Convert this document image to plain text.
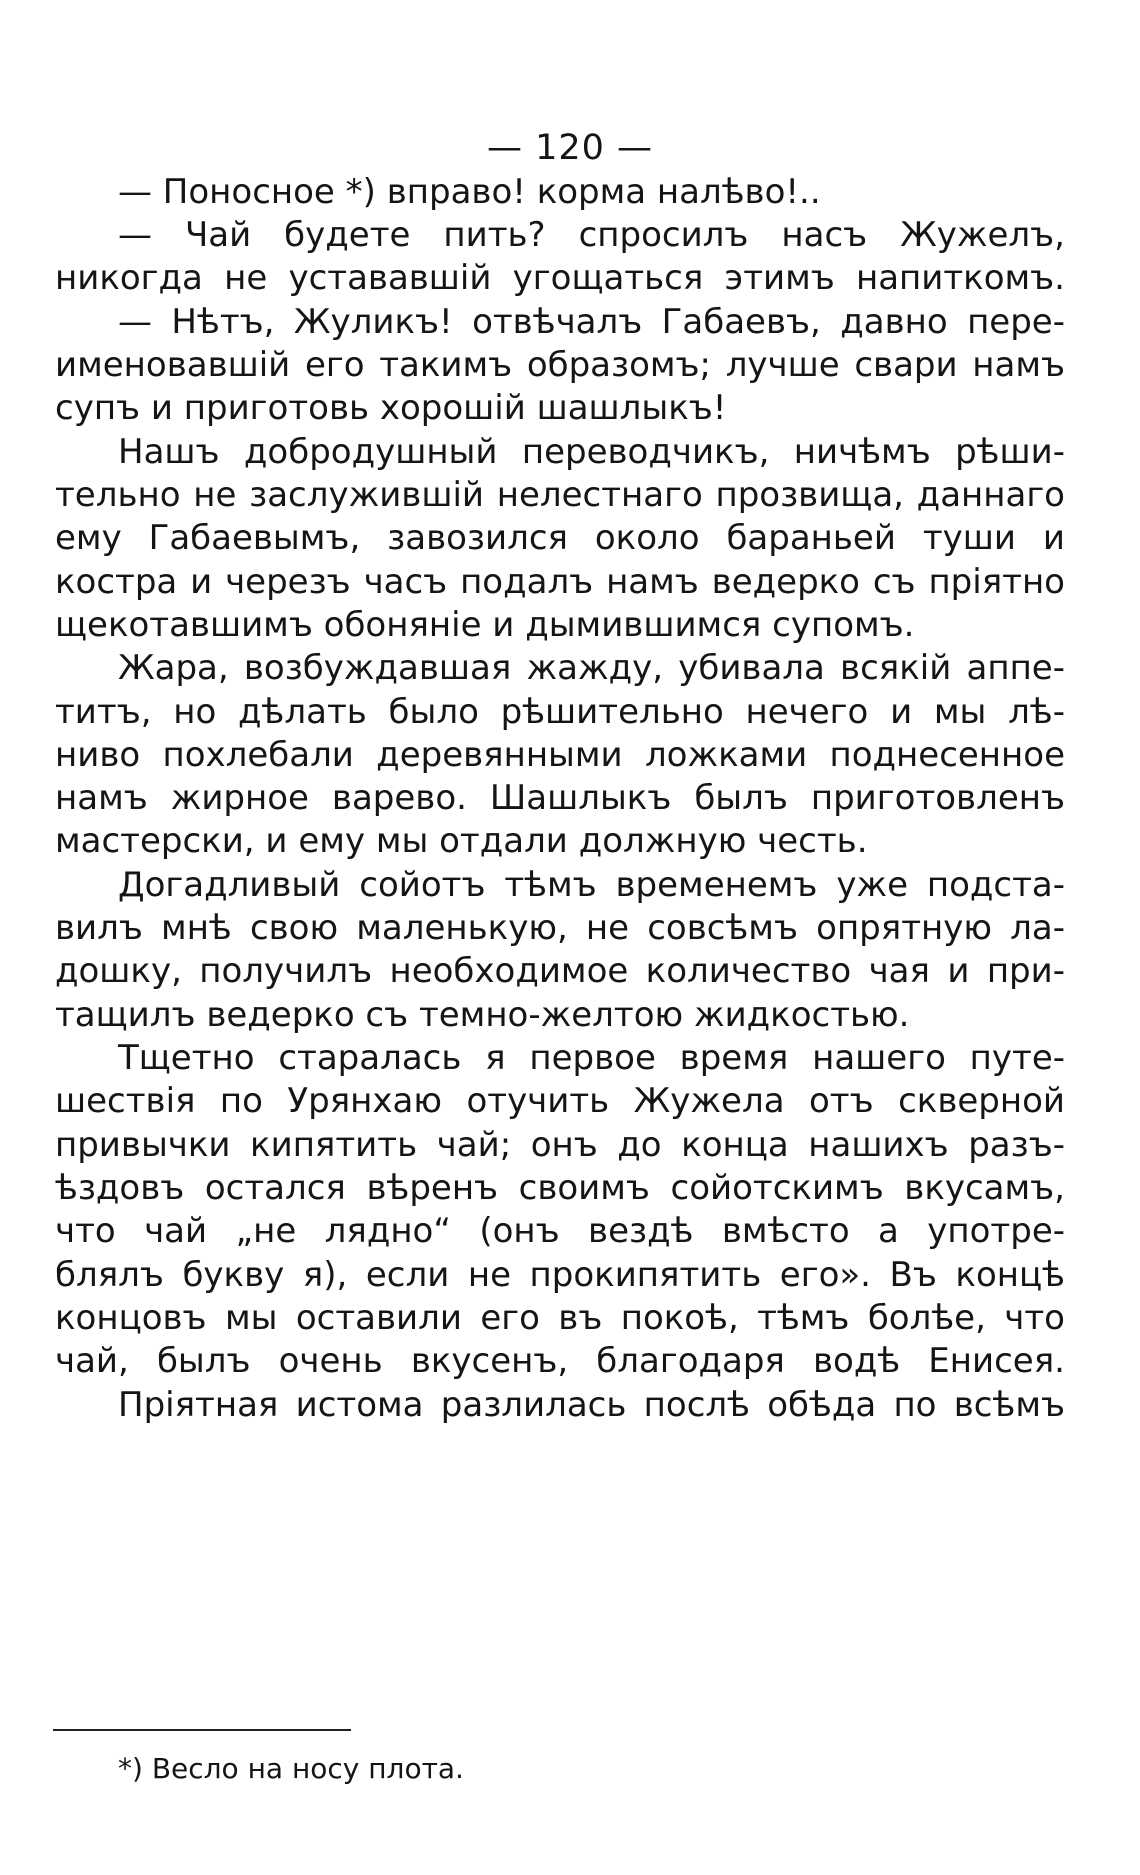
— 120 —
— Поносное *) вправо! корма налѣво!..
— Чай будете пить? спросилъ насъ Жужелъ,
никогда не устававшій угощаться этимъ напиткомъ.
— Нѣтъ, Жуликъ! отвѣчалъ Габаевъ, давно пере-
именовавшій его такимъ образомъ; лучше свари намъ
супъ и приготовь хорошій шашлыкъ!
Нашъ добродушный переводчикъ, ничѣмъ рѣши-
тельно не заслужившій нелестнаго прозвища, даннаго
ему Габаевымъ, завозился около бараньей туши и
костра и черезъ часъ подалъ намъ ведерко съ пріятно
щекотавшимъ обоняніе и дымившимся супомъ.
Жара, возбуждавшая жажду, убивала всякій аппе-
титъ, но дѣлать было рѣшительно нечего и мы лѣ-
ниво похлебали деревянными ложками поднесенное
намъ жирное варево. Шашлыкъ былъ приготовленъ
мастерски, и ему мы отдали должную честь.
Догадливый сойотъ тѣмъ временемъ уже подста-
вилъ мнѣ свою маленькую, не совсѣмъ опрятную ла-
дошку, получилъ необходимое количество чая и при-
тащилъ ведерко съ темно-желтою жидкостью.
Тщетно старалась я первое время нашего путе-
шествія по Урянхаю отучить Жужела отъ скверной
привычки кипятить чай; онъ до конца нашихъ разъ-
ѣздовъ остался вѣренъ своимъ сойотскимъ вкусамъ,
что чай „не лядно“ (онъ вездѣ вмѣсто а употре-
блялъ букву я), если не прокипятить его». Въ концѣ
концовъ мы оставили его въ покоѣ, тѣмъ болѣе, что
чай, былъ очень вкусенъ, благодаря водѣ Енисея.
Пріятная истома разлилась послѣ обѣда по всѣмъ
*) Весло на носу плота.
